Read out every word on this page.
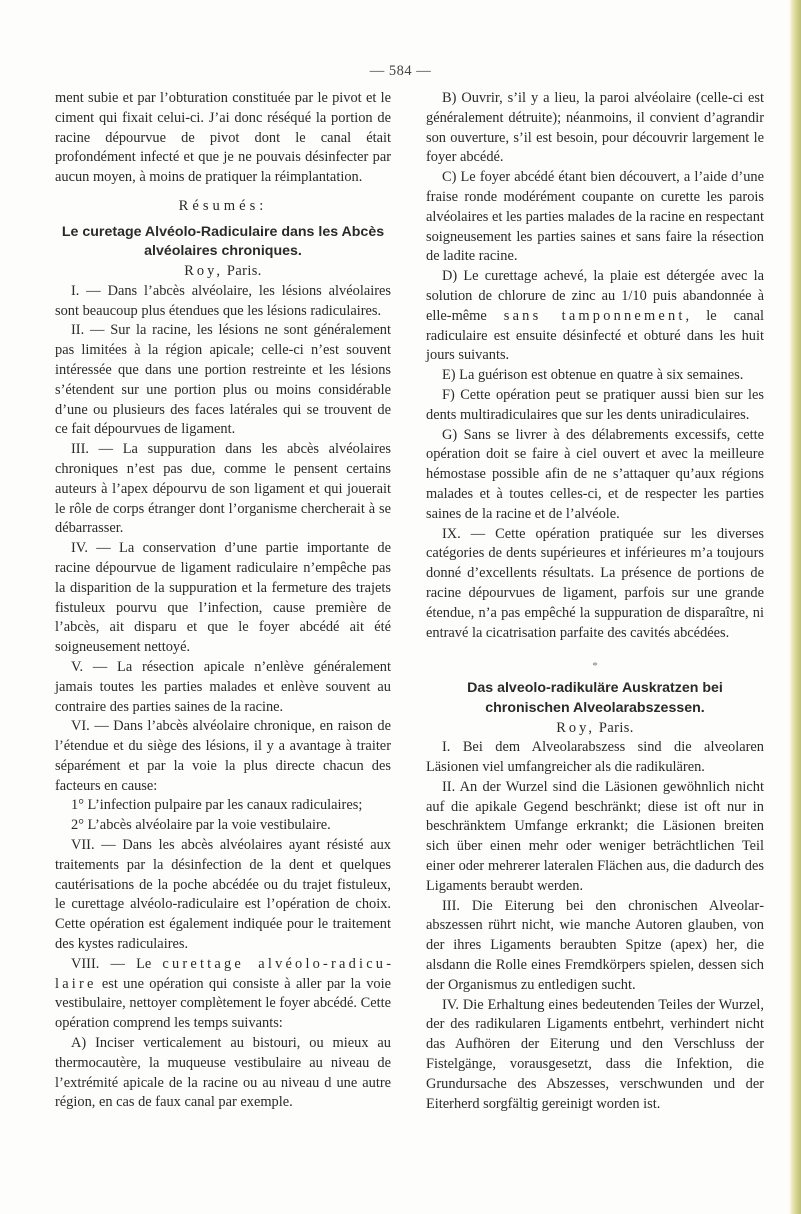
— 584 —

ment subie et par l’obturation constituée par le pivot et le ciment qui fixait celui-ci. J’ai donc réséqué la portion de racine dépourvue de pivot dont le canal était profondément infecté et que je ne pouvais désinfecter par aucun moyen, à moins de pratiquer la réimplantation.

Résumés:

Le curetage Alvéolo-Radiculaire dans les Abcès alvéolaires chroniques.

Roy, Paris.

I. — Dans l’abcès alvéolaire, les lésions alvéolaires sont beaucoup plus étendues que les lésions radiculaires.

II. — Sur la racine, les lésions ne sont généralement pas limitées à la région apicale; celle-ci n’est souvent intéressée que dans une portion restreinte et les lésions s’étendent sur une portion plus ou moins considérable d’une ou plusieurs des faces latérales qui se trouvent de ce fait dépourvues de ligament.

III. — La suppuration dans les abcès alvéolaires chroniques n’est pas due, comme le pensent certains auteurs à l’apex dépourvu de son ligament et qui jouerait le rôle de corps étranger dont l’organisme chercherait à se débarrasser.

IV. — La conservation d’une partie importante de racine dépourvue de ligament radiculaire n’empêche pas la disparition de la suppuration et la fermeture des trajets fistuleux pourvu que l’infection, cause première de l’abcès, ait disparu et que le foyer abcédé ait été soigneusement nettoyé.

V. — La résection apicale n’enlève généralement jamais toutes les parties malades et enlève souvent au contraire des parties saines de la racine.

VI. — Dans l’abcès alvéolaire chronique, en raison de l’étendue et du siège des lésions, il y a avantage à traiter séparément et par la voie la plus directe chacun des facteurs en cause:

1° L’infection pulpaire par les canaux radiculaires;

2° L’abcès alvéolaire par la voie vestibulaire.

VII. — Dans les abcès alvéolaires ayant résisté aux traitements par la désinfection de la dent et quelques cautérisations de la poche abcédée ou du trajet fistuleux, le curettage alvéolo-radiculaire est l’opération de choix. Cette opération est également indiquée pour le traitement des kystes radiculaires.

VIII. — Le curettage alvéolo-radiculaire est une opération qui consiste à aller par la voie vestibulaire, nettoyer complètement le foyer abcédé. Cette opération comprend les temps suivants:

A) Inciser verticalement au bistouri, ou mieux au thermocautère, la muqueuse vestibulaire au niveau de l’extrémité apicale de la racine ou au niveau d une autre région, en cas de faux canal par exemple.

B) Ouvrir, s’il y a lieu, la paroi alvéolaire (celle-ci est généralement détruite); néanmoins, il convient d’agrandir son ouverture, s’il est besoin, pour découvrir largement le foyer abcédé.

C) Le foyer abcédé étant bien découvert, a l’aide d’une fraise ronde modérément coupante on curette les parois alvéolaires et les parties malades de la racine en respectant soigneusement les parties saines et sans faire la résection de ladite racine.

D) Le curettage achevé, la plaie est détergée avec la solution de chlorure de zinc au 1/10 puis abandonnée à elle-même sans tamponnement, le canal radiculaire est ensuite désinfecté et obturé dans les huit jours suivants.

E) La guérison est obtenue en quatre à six semaines.

F) Cette opération peut se pratiquer aussi bien sur les dents multiradiculaires que sur les dents uniradiculaires.

G) Sans se livrer à des délabrements excessifs, cette opération doit se faire à ciel ouvert et avec la meilleure hémostase possible afin de ne s’attaquer qu’aux régions malades et à toutes celles-ci, et de respecter les parties saines de la racine et de l’alvéole.

IX. — Cette opération pratiquée sur les diverses catégories de dents supérieures et inférieures m’a toujours donné d’excellents résultats. La présence de portions de racine dépourvues de ligament, parfois sur une grande étendue, n’a pas empêché la suppuration de disparaître, ni entravé la cicatrisation parfaite des cavités abcédées.

*

Das alveolo-radikuläre Auskratzen bei chronischen Alveolarabszessen.

Roy, Paris.

I. Bei dem Alveolarabszess sind die alveolaren Läsionen viel umfangreicher als die radikulären.

II. An der Wurzel sind die Läsionen gewöhnlich nicht auf die apikale Gegend beschränkt; diese ist oft nur in beschränktem Umfange erkrankt; die Läsionen breiten sich über einen mehr oder weniger beträchtlichen Teil einer oder mehrerer lateralen Flächen aus, die dadurch des Ligaments beraubt werden.

III. Die Eiterung bei den chronischen Alveolarabszessen rührt nicht, wie manche Autoren glauben, von der ihres Ligaments beraubten Spitze (apex) her, die alsdann die Rolle eines Fremdkörpers spielen, dessen sich der Organismus zu entledigen sucht.

IV. Die Erhaltung eines bedeutenden Teiles der Wurzel, der des radikularen Ligaments entbehrt, verhindert nicht das Aufhören der Eiterung und den Verschluss der Fistelgänge, vorausgesetzt, dass die Infektion, die Grundursache des Abszesses, verschwunden und der Eiterherd sorgfältig gereinigt worden ist.
